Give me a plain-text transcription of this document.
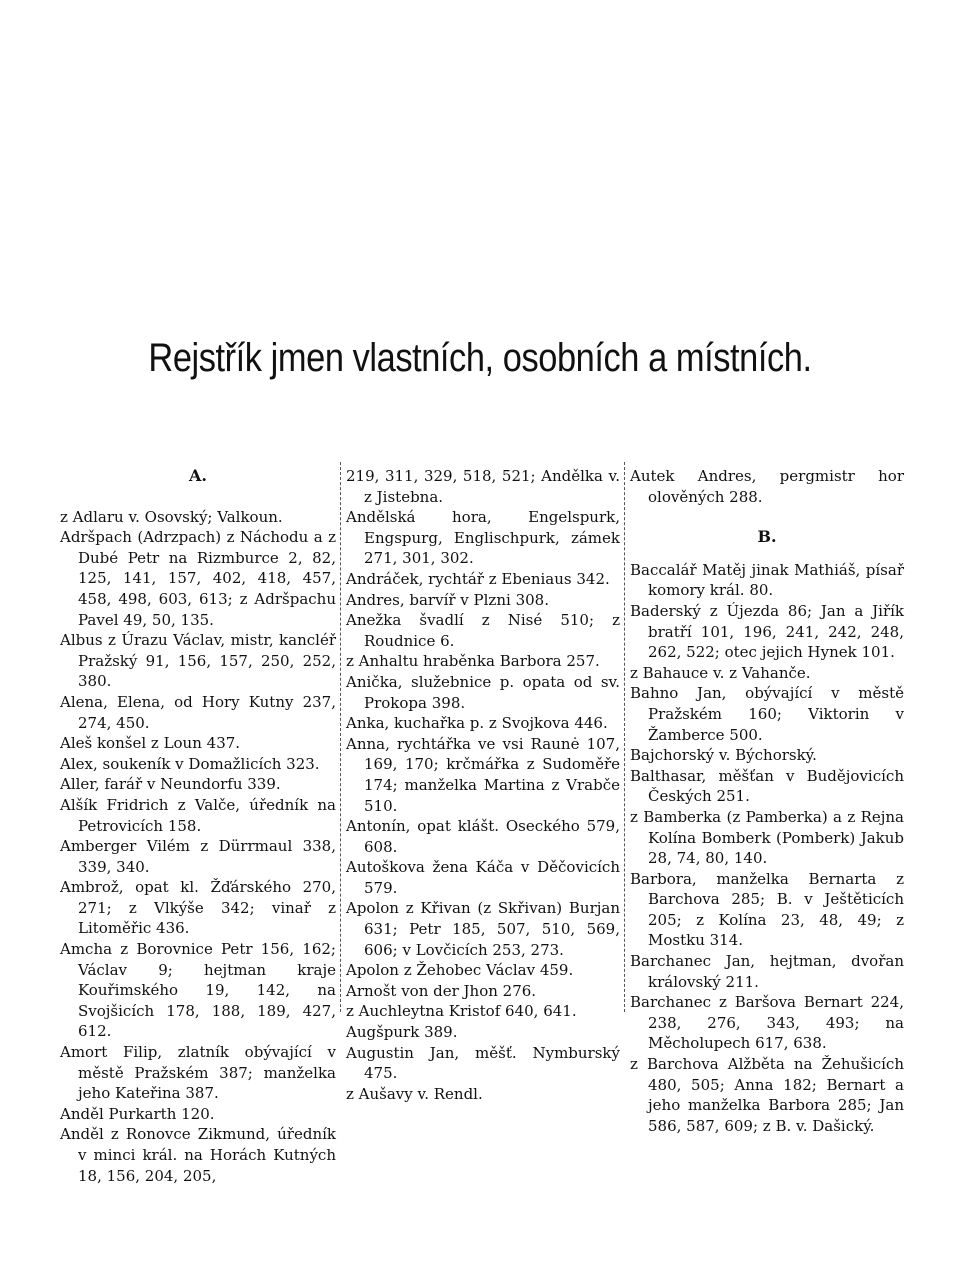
Rejstřík jmen vlastních, osobních a místních.

A.

z Adlaru v. Osovský; Valkoun.

Adršpach (Adrzpach) z Náchodu a z Dubé Petr na Rizmburce 2, 82, 125, 141, 157, 402, 418, 457, 458, 498, 603, 613; z Adršpachu Pavel 49, 50, 135.

Albus z Úrazu Václav, mistr, kancléř Pražský 91, 156, 157, 250, 252, 380.

Alena, Elena, od Hory Kutny 237, 274, 450.

Aleš konšel z Loun 437.

Alex, soukeník v Domažlicích 323.

Aller, farář v Neundorfu 339.

Alšík Fridrich z Valče, úředník na Petrovicích 158.

Amberger Vilém z Dürrmaul 338, 339, 340.

Ambrož, opat kl. Žďárského 270, 271; z Vlkýše 342; vinař z Litoměřic 436.

Amcha z Borovnice Petr 156, 162; Václav 9; hejtman kraje Kouřimského 19, 142, na Svojšicích 178, 188, 189, 427, 612.

Amort Filip, zlatník obývající v městě Pražském 387; manželka jeho Kateřina 387.

Anděl Purkarth 120.

Anděl z Ronovce Zikmund, úředník v minci král. na Horách Kutných 18, 156, 204, 205,

219, 311, 329, 518, 521; Andělka v. z Jistebna.

Andělská hora, Engelspurk, Engspurg, Englischpurk, zámek 271, 301, 302.

Andráček, rychtář z Ebeniaus 342.

Andres, barvíř v Plzni 308.

Anežka švadlí z Nisé 510; z Roudnice 6.

z Anhaltu hraběnka Barbora 257.

Anička, služebnice p. opata od sv. Prokopa 398.

Anka, kuchařka p. z Svojkova 446.

Anna, rychtářka ve vsi Raunė 107, 169, 170; krčmářka z Sudoměře 174; manželka Martina z Vrabče 510.

Antonín, opat klášt. Oseckého 579, 608.

Autoškova žena Káča v Děčovicích 579.

Apolon z Křivan (z Skřivan) Burjan 631; Petr 185, 507, 510, 569, 606; v Lovčicích 253, 273.

Apolon z Žehobec Václav 459.

Arnošt von der Jhon 276.

z Auchleytna Kristof 640, 641.

Augšpurk 389.

Augustin Jan, měšť. Nymburský 475.

z Aušavy v. Rendl.

Autek Andres, pergmistr hor olověných 288.

B.

Baccalář Matěj jinak Mathiáš, písař komory král. 80.

Baderský z Újezda 86; Jan a Jiřík bratří 101, 196, 241, 242, 248, 262, 522; otec jejich Hynek 101.

z Bahauce v. z Vahanče.

Bahno Jan, obývající v městě Pražském 160; Viktorin v Žamberce 500.

Bajchorský v. Býchorský.

Balthasar, měšťan v Budějovicích Českých 251.

z Bamberka (z Pamberka) a z Rejna Kolína Bomberk (Pomberk) Jakub 28, 74, 80, 140.

Barbora, manželka Bernarta z Barchova 285; B. v Ještěticích 205; z Kolína 23, 48, 49; z Mostku 314.

Barchanec Jan, hejtman, dvořan královský 211.

Barchanec z Baršova Bernart 224, 238, 276, 343, 493; na Měcholupech 617, 638.

z Barchova Alžběta na Žehušicích 480, 505; Anna 182; Bernart a jeho manželka Barbora 285; Jan 586, 587, 609; z B. v. Dašický.
